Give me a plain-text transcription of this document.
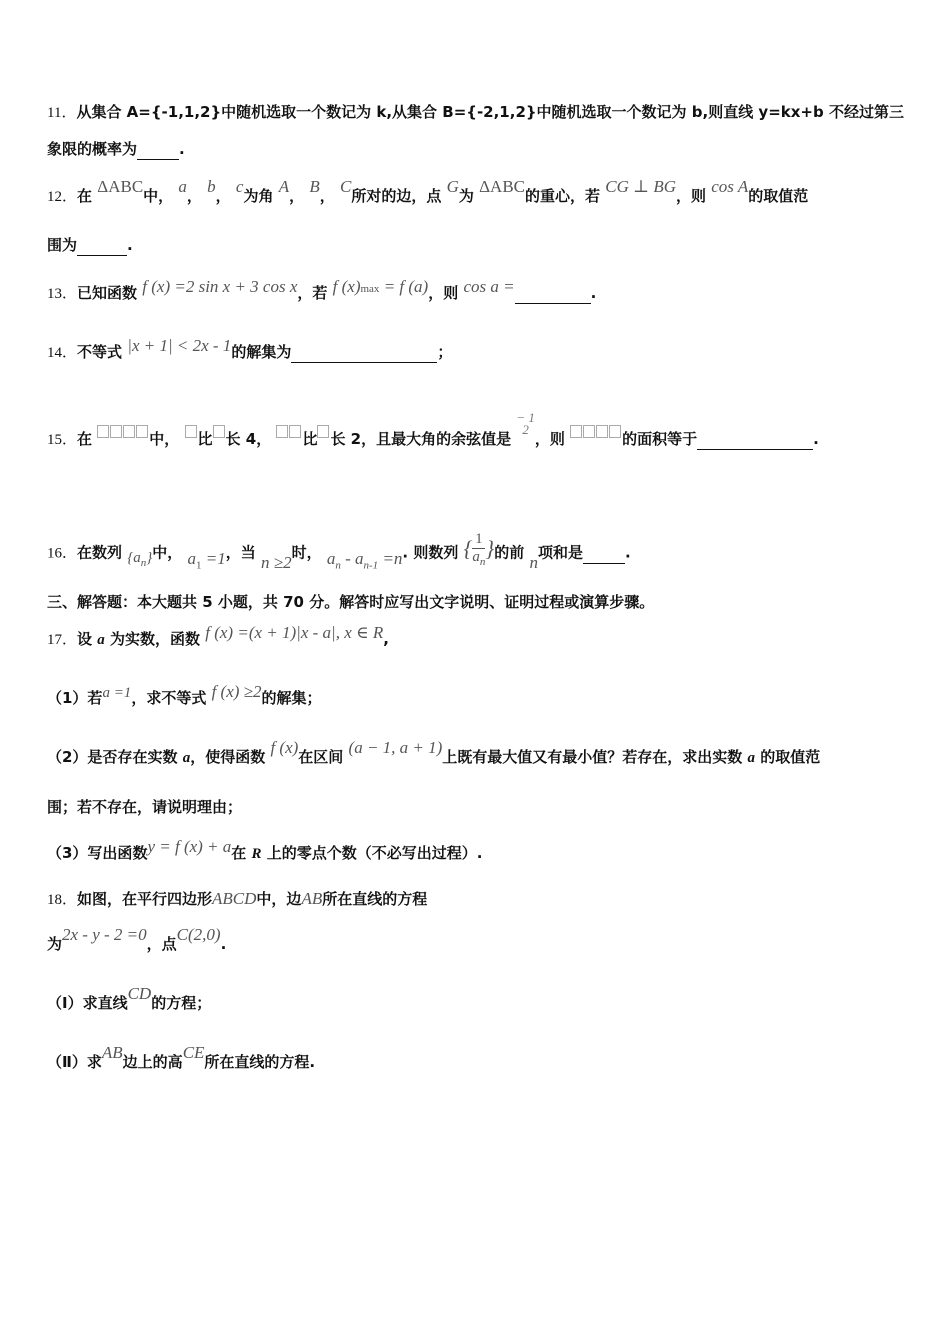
11．从集合 A={-1,1,2}中随机选取一个数记为 k,从集合 B={-2,1,2}中随机选取一个数记为 b,则直线 y=kx+b 不经过第三
象限的概率为	.
12．在 ΔABC中， a， b， c为角 A， B， C所对的边，点 G为 ΔABC的重心，若 CG ⊥ BG，则 cos A的取值范
围为	.
13．已知函数 f (x) =2 sin x + 3 cos x，若 f (x)max = f (a)，则 cos a =	.
14．不等式 |x + 1| < 2x - 1的解集为	；
15．在	中， 比 长 4， 比 长 2，且最大角的余弦值是 − 1
2
，则	的面积等于	.
16．在数列 $\{a_n\}$中， $a_1 =1$，当 n ≥2时， $a_n - a_{n-1} =n$. 则数列 { $\frac{1}{a_n}$ }的前 n项和是	.
三、解答题：本大题共 5 小题，共 70 分。解答时应写出文字说明、证明过程或演算步骤。
17．设 a 为实数，函数 f (x) =(x + 1)|x - a|, x ∈ R,
（1）若a =1，求不等式 f (x) ≥2的解集；
（2）是否存在实数 a，使得函数 f (x)在区间 (a − 1, a + 1)上既有最大值又有最小值？若存在，求出实数 a 的取值范
围；若不存在，请说明理由；
（3）写出函数y = f (x) + a在 R 上的零点个数（不必写出过程）.
18．如图，在平行四边形ABCD中，边AB所在直线的方程
为2x - y - 2 =0，点C(2,0).
（Ⅰ）求直线CD的方程；
（Ⅱ）求AB边上的高CE所在直线的方程.
